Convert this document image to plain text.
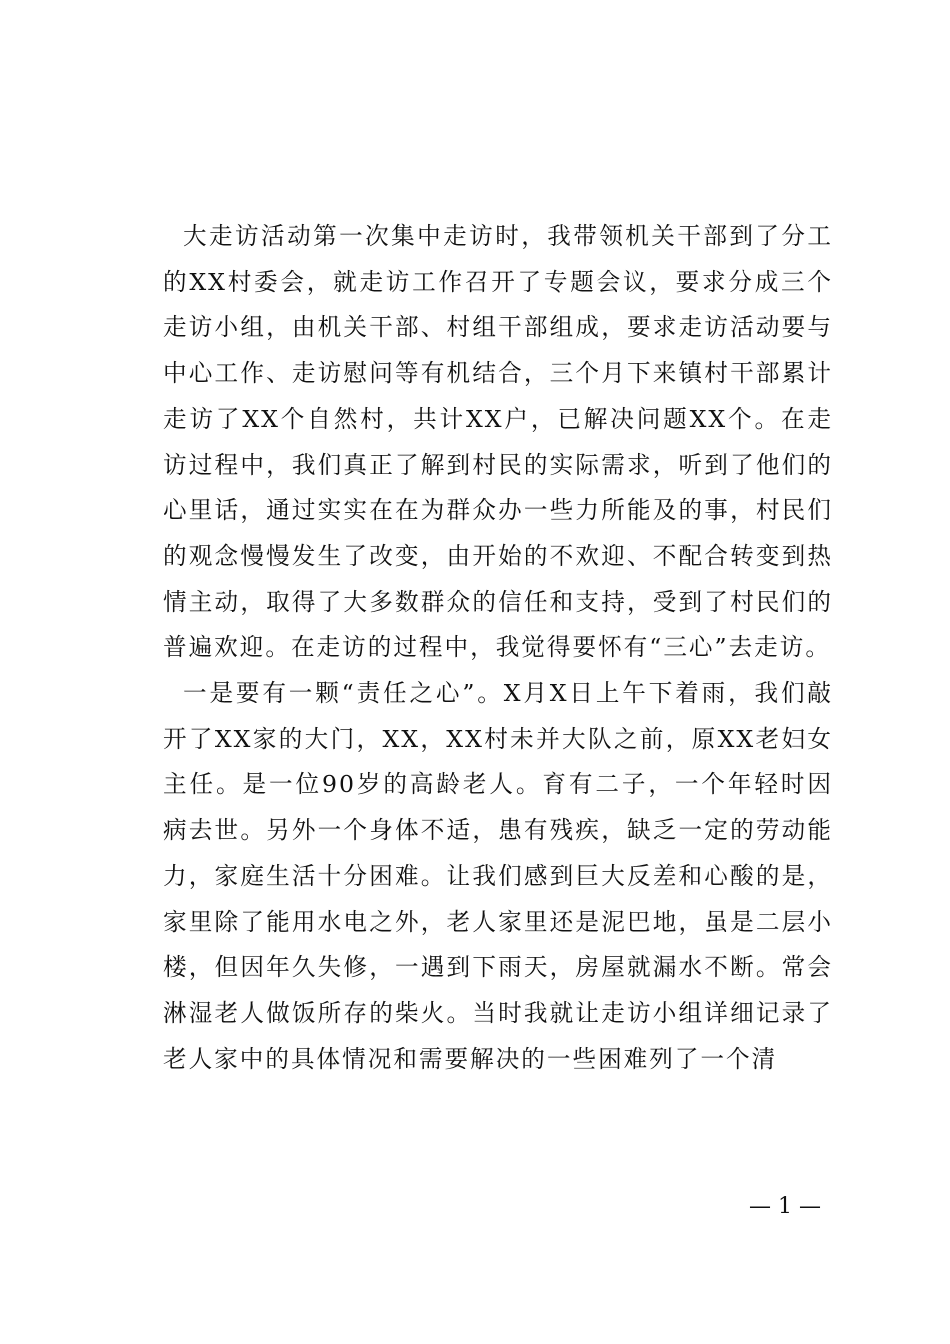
大走访活动第一次集中走访时，我带领机关干部到了分工的XX村委会，就走访工作召开了专题会议，要求分成三个走访小组，由机关干部、村组干部组成，要求走访活动要与中心工作、走访慰问等有机结合，三个月下来镇村干部累计走访了XX个自然村，共计XX户，已解决问题XX个。在走访过程中，我们真正了解到村民的实际需求，听到了他们的心里话，通过实实在在为群众办一些力所能及的事，村民们的观念慢慢发生了改变，由开始的不欢迎、不配合转变到热情主动，取得了大多数群众的信任和支持，受到了村民们的普遍欢迎。在走访的过程中，我觉得要怀有“三心”去走访。

一是要有一颗“责任之心”。X月X日上午下着雨，我们敲开了XX家的大门，XX，XX村未并大队之前，原XX老妇女主任。是一位90岁的高龄老人。育有二子，一个年轻时因病去世。另外一个身体不适，患有残疾，缺乏一定的劳动能力，家庭生活十分困难。让我们感到巨大反差和心酸的是，家里除了能用水电之外，老人家里还是泥巴地，虽是二层小楼，但因年久失修，一遇到下雨天，房屋就漏水不断。常会淋湿老人做饭所存的柴火。当时我就让走访小组详细记录了老人家中的具体情况和需要解决的一些困难列了一个清

— 1 —
